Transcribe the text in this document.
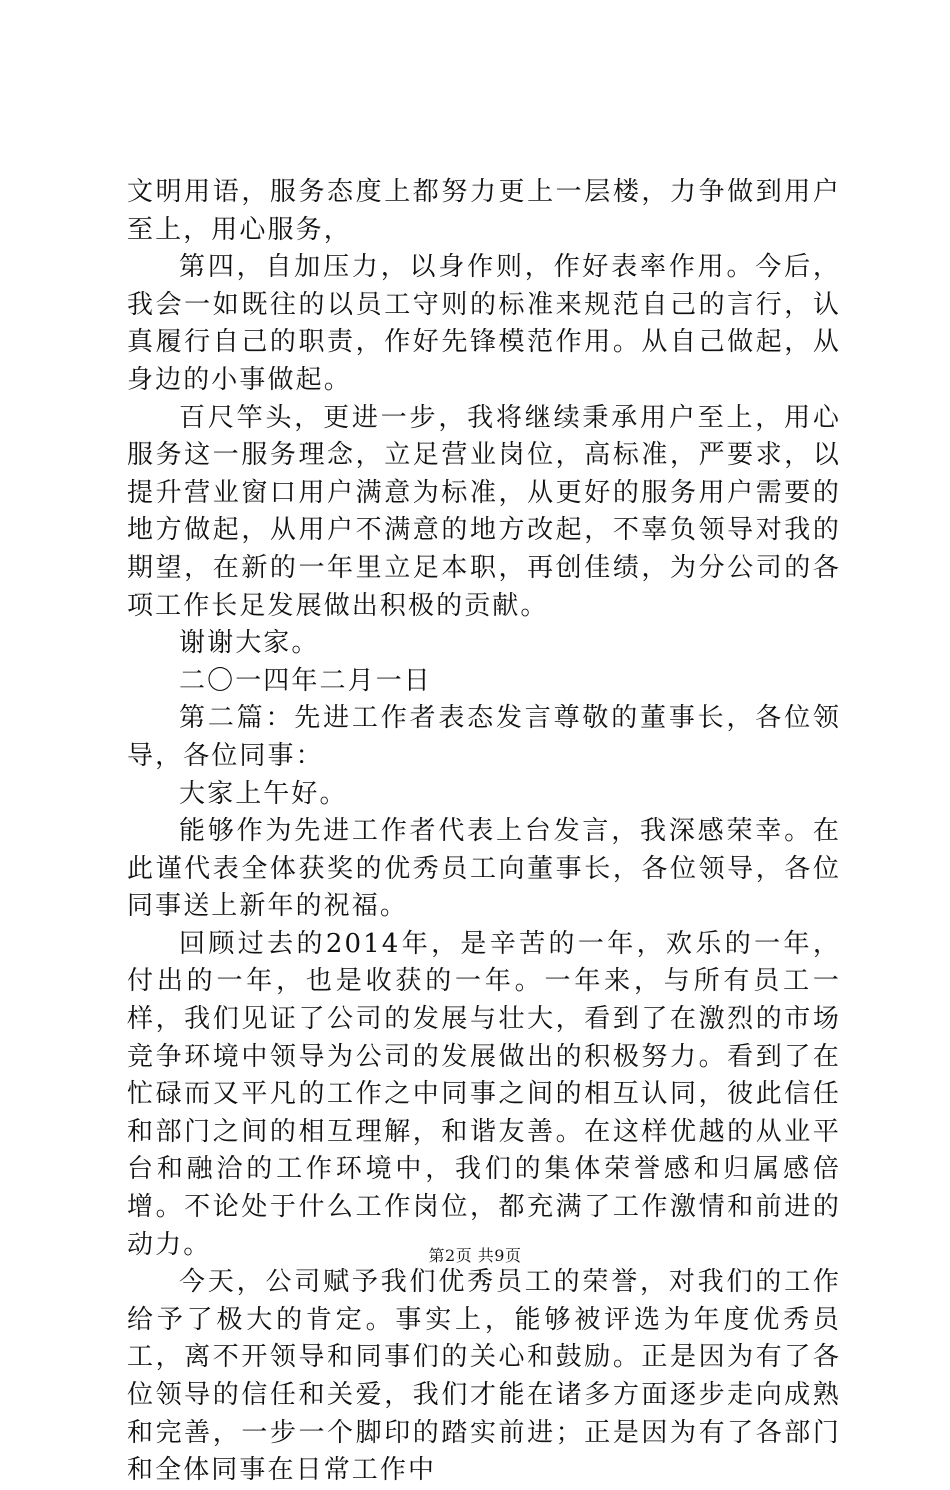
文明用语，服务态度上都努力更上一层楼，力争做到用户至上，用心服务，

第四，自加压力，以身作则，作好表率作用。今后，我会一如既往的以员工守则的标准来规范自己的言行，认真履行自己的职责，作好先锋模范作用。从自己做起，从身边的小事做起。

百尺竿头，更进一步，我将继续秉承用户至上，用心服务这一服务理念，立足营业岗位，高标准，严要求，以提升营业窗口用户满意为标准，从更好的服务用户需要的地方做起，从用户不满意的地方改起，不辜负领导对我的期望，在新的一年里立足本职，再创佳绩，为分公司的各项工作长足发展做出积极的贡献。

谢谢大家。

二〇一四年二月一日

第二篇：先进工作者表态发言尊敬的董事长，各位领导，各位同事：

大家上午好。

能够作为先进工作者代表上台发言，我深感荣幸。在此谨代表全体获奖的优秀员工向董事长，各位领导，各位同事送上新年的祝福。

回顾过去的2014年，是辛苦的一年，欢乐的一年，付出的一年，也是收获的一年。一年来，与所有员工一样，我们见证了公司的发展与壮大，看到了在激烈的市场竞争环境中领导为公司的发展做出的积极努力。看到了在忙碌而又平凡的工作之中同事之间的相互认同，彼此信任和部门之间的相互理解，和谐友善。在这样优越的从业平台和融洽的工作环境中，我们的集体荣誉感和归属感倍增。不论处于什么工作岗位，都充满了工作激情和前进的动力。

今天，公司赋予我们优秀员工的荣誉，对我们的工作给予了极大的肯定。事实上，能够被评选为年度优秀员工，离不开领导和同事们的关心和鼓励。正是因为有了各位领导的信任和关爱，我们才能在诸多方面逐步走向成熟和完善，一步一个脚印的踏实前进；正是因为有了各部门和全体同事在日常工作中

第2页 共9页
